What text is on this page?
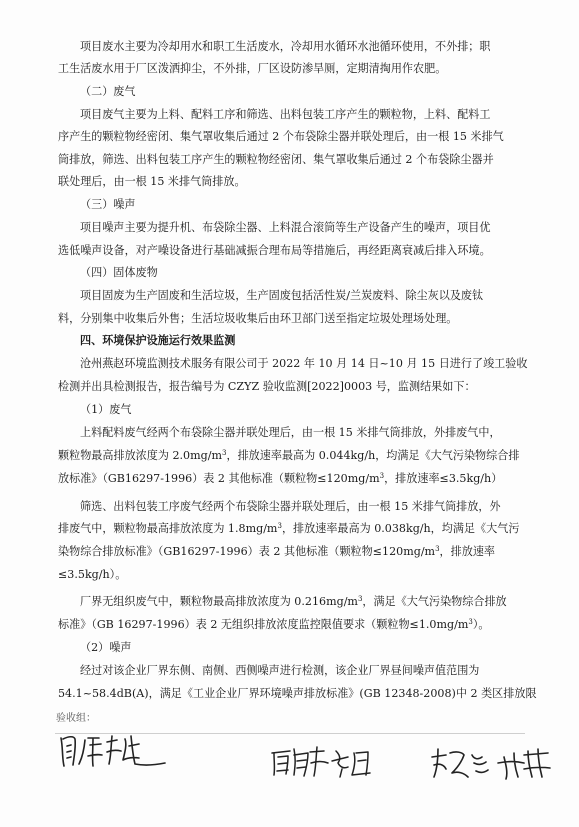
项目废水主要为冷却用水和职工生活废水，冷却用水循环水池循环使用，不外排；职
工生活废水用于厂区泼洒抑尘，不外排，厂区设防渗旱厕，定期清掏用作农肥。
（二）废气
项目废气主要为上料、配料工序和筛选、出料包装工序产生的颗粒物，上料、配料工
序产生的颗粒物经密闭、集气罩收集后通过 2 个布袋除尘器并联处理后，由一根 15 米排气
筒排放，筛选、出料包装工序产生的颗粒物经密闭、集气罩收集后通过 2 个布袋除尘器并
联处理后，由一根 15 米排气筒排放。
（三）噪声
项目噪声主要为提升机、布袋除尘器、上料混合滚筒等生产设备产生的噪声，项目优
选低噪声设备，对产噪设备进行基础减振合理布局等措施后，再经距离衰减后排入环境。
（四）固体废物
项目固废为生产固废和生活垃圾，生产固废包括活性炭/兰炭废料、除尘灰以及废钛
料，分别集中收集后外售；生活垃圾收集后由环卫部门送至指定垃圾处理场处理。
四、环境保护设施运行效果监测
沧州燕赵环境监测技术服务有限公司于 2022 年 10 月 14 日~10 月 15 日进行了竣工验收
检测并出具检测报告，报告编号为 CZYZ 验收监测[2022]0003 号，监测结果如下：
（1）废气
上料配料废气经两个布袋除尘器并联处理后，由一根 15 米排气筒排放，外排废气中，
颗粒物最高排放浓度为 $2.0mg/m^3$，排放速率最高为 0.044kg/h，均满足《大气污染物综合排
放标准》（GB16297-1996）表 2 其他标准（颗粒物$\le 120mg/m^3$，排放速率≤3.5kg/h）
筛选、出料包装工序废气经两个布袋除尘器并联处理后，由一根 15 米排气筒排放，外
排废气中，颗粒物最高排放浓度为 $1.8mg/m^3$，排放速率最高为 0.038kg/h，均满足《大气污
染物综合排放标准》（GB16297-1996）表 2 其他标准（颗粒物$\le 120mg/m^3$，排放速率
≤3.5kg/h）。
厂界无组织废气中，颗粒物最高排放浓度为 $0.216mg/m^3$，满足《大气污染物综合排放
标准》（GB 16297-1996）表 2 无组织排放浓度监控限值要求（颗粒物$\le 1.0mg/m^3$）。
（2）噪声
经过对该企业厂界东侧、南侧、西侧噪声进行检测，该企业厂界昼间噪声值范围为
54.1~58.4dB(A)，满足《工业企业厂界环境噪声排放标准》(GB 12348-2008)中 2 类区排放限
验收组：
